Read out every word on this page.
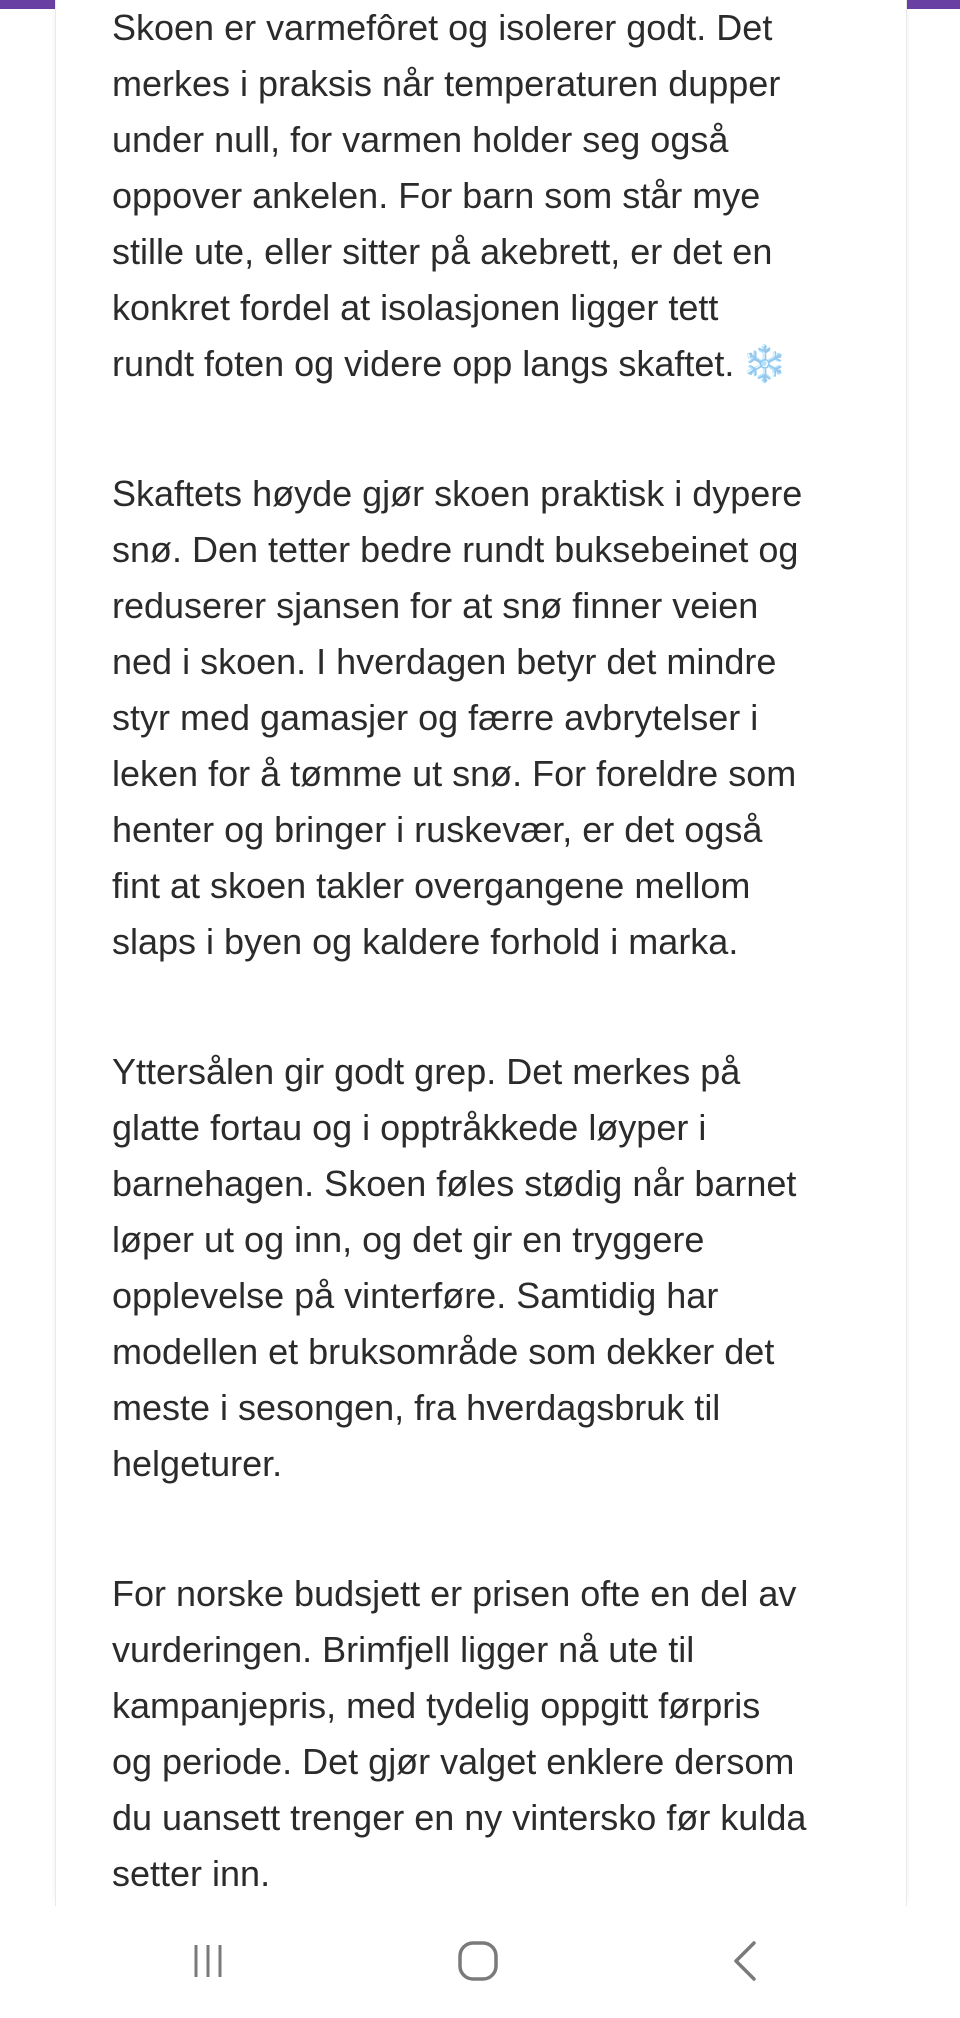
Skoen er varmefôret og isolerer godt. Det
merkes i praksis når temperaturen dupper
under null, for varmen holder seg også
oppover ankelen. For barn som står mye
stille ute, eller sitter på akebrett, er det en
konkret fordel at isolasjonen ligger tett
rundt foten og videre opp langs skaftet. ❄️

Skaftets høyde gjør skoen praktisk i dypere
snø. Den tetter bedre rundt buksebeinet og
reduserer sjansen for at snø finner veien
ned i skoen. I hverdagen betyr det mindre
styr med gamasjer og færre avbrytelser i
leken for å tømme ut snø. For foreldre som
henter og bringer i ruskevær, er det også
fint at skoen takler overgangene mellom
slaps i byen og kaldere forhold i marka.

Yttersålen gir godt grep. Det merkes på
glatte fortau og i opptråkkede løyper i
barnehagen. Skoen føles stødig når barnet
løper ut og inn, og det gir en tryggere
opplevelse på vinterføre. Samtidig har
modellen et bruksområde som dekker det
meste i sesongen, fra hverdagsbruk til
helgeturer.

For norske budsjett er prisen ofte en del av
vurderingen. Brimfjell ligger nå ute til
kampanjepris, med tydelig oppgitt førpris
og periode. Det gjør valget enklere dersom
du uansett trenger en ny vintersko før kulda
setter inn.
